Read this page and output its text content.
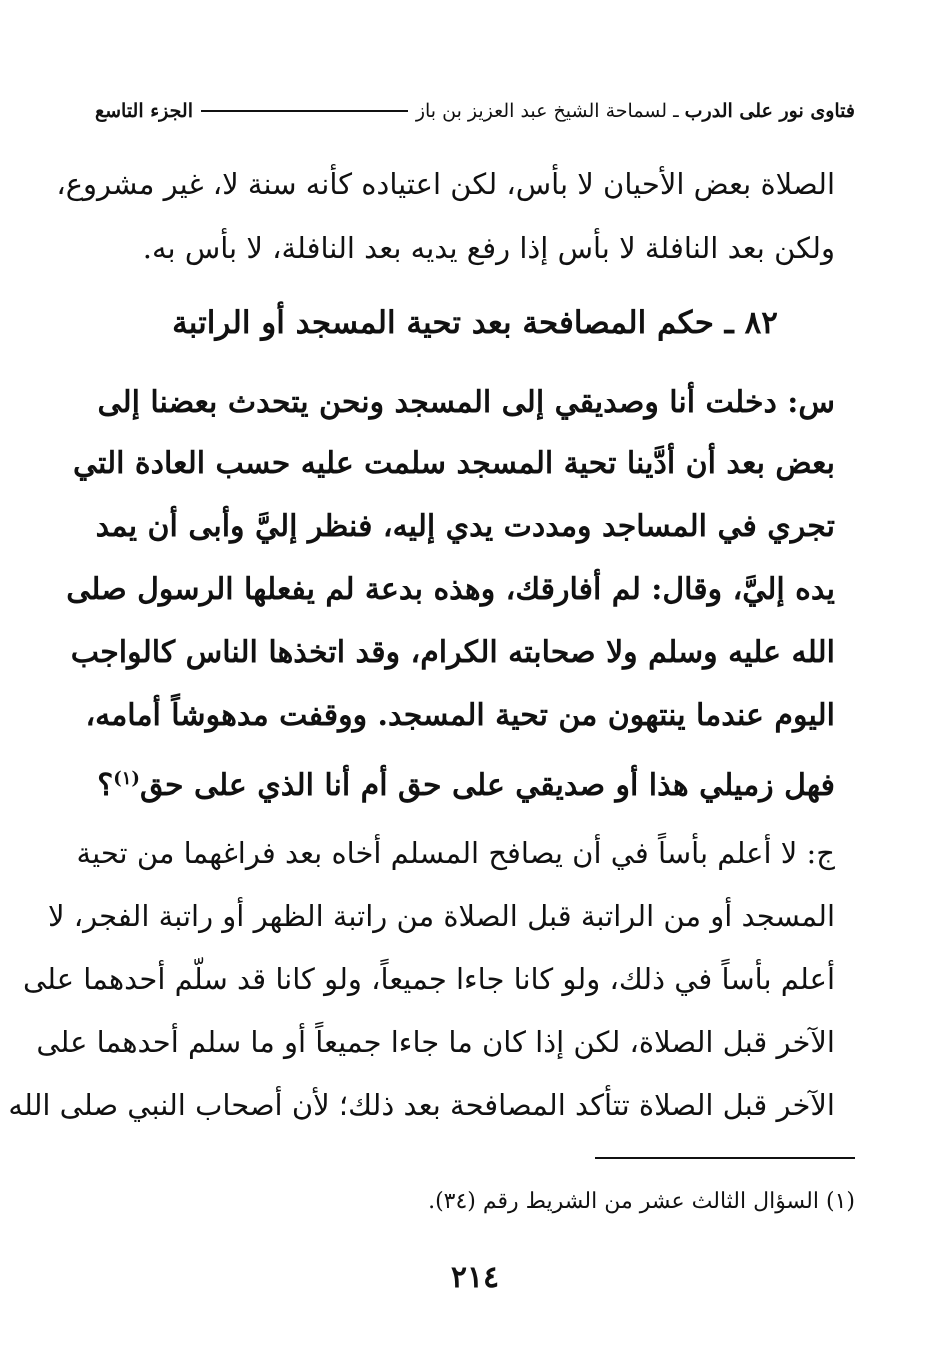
فتاوى نور على الدرب
ـ لسماحة الشيخ عبد العزيز بن باز
الجزء التاسع
الصلاة بعض الأحيان لا بأس، لكن اعتياده كأنه سنة لا، غير مشروع،
ولكن بعد النافلة لا بأس إذا رفع يديه بعد النافلة، لا بأس به.
٨٢ ـ حكم المصافحة بعد تحية المسجد أو الراتبة
س: دخلت أنا وصديقي إلى المسجد ونحن يتحدث بعضنا إلى
بعض بعد أن أدَّينا تحية المسجد سلمت عليه حسب العادة التي
تجري في المساجد ومددت يدي إليه، فنظر إليَّ وأبى أن يمد
يده إليَّ، وقال: لم أفارقك، وهذه بدعة لم يفعلها الرسول صلى
الله عليه وسلم ولا صحابته الكرام، وقد اتخذها الناس كالواجب
اليوم عندما ينتهون من تحية المسجد. ووقفت مدهوشاً أمامه،
فهل زميلي هذا أو صديقي على حق أم أنا الذي على حق$^{(١)}$؟
ج: لا أعلم بأساً في أن يصافح المسلم أخاه بعد فراغهما من تحية
المسجد أو من الراتبة قبل الصلاة من راتبة الظهر أو راتبة الفجر، لا
أعلم بأساً في ذلك، ولو كانا جاءا جميعاً، ولو كانا قد سلّم أحدهما على
الآخر قبل الصلاة، لكن إذا كان ما جاءا جميعاً أو ما سلم أحدهما على
الآخر قبل الصلاة تتأكد المصافحة بعد ذلك؛ لأن أصحاب النبي صلى الله
(١) السؤال الثالث عشر من الشريط رقم (٣٤).
٢١٤
